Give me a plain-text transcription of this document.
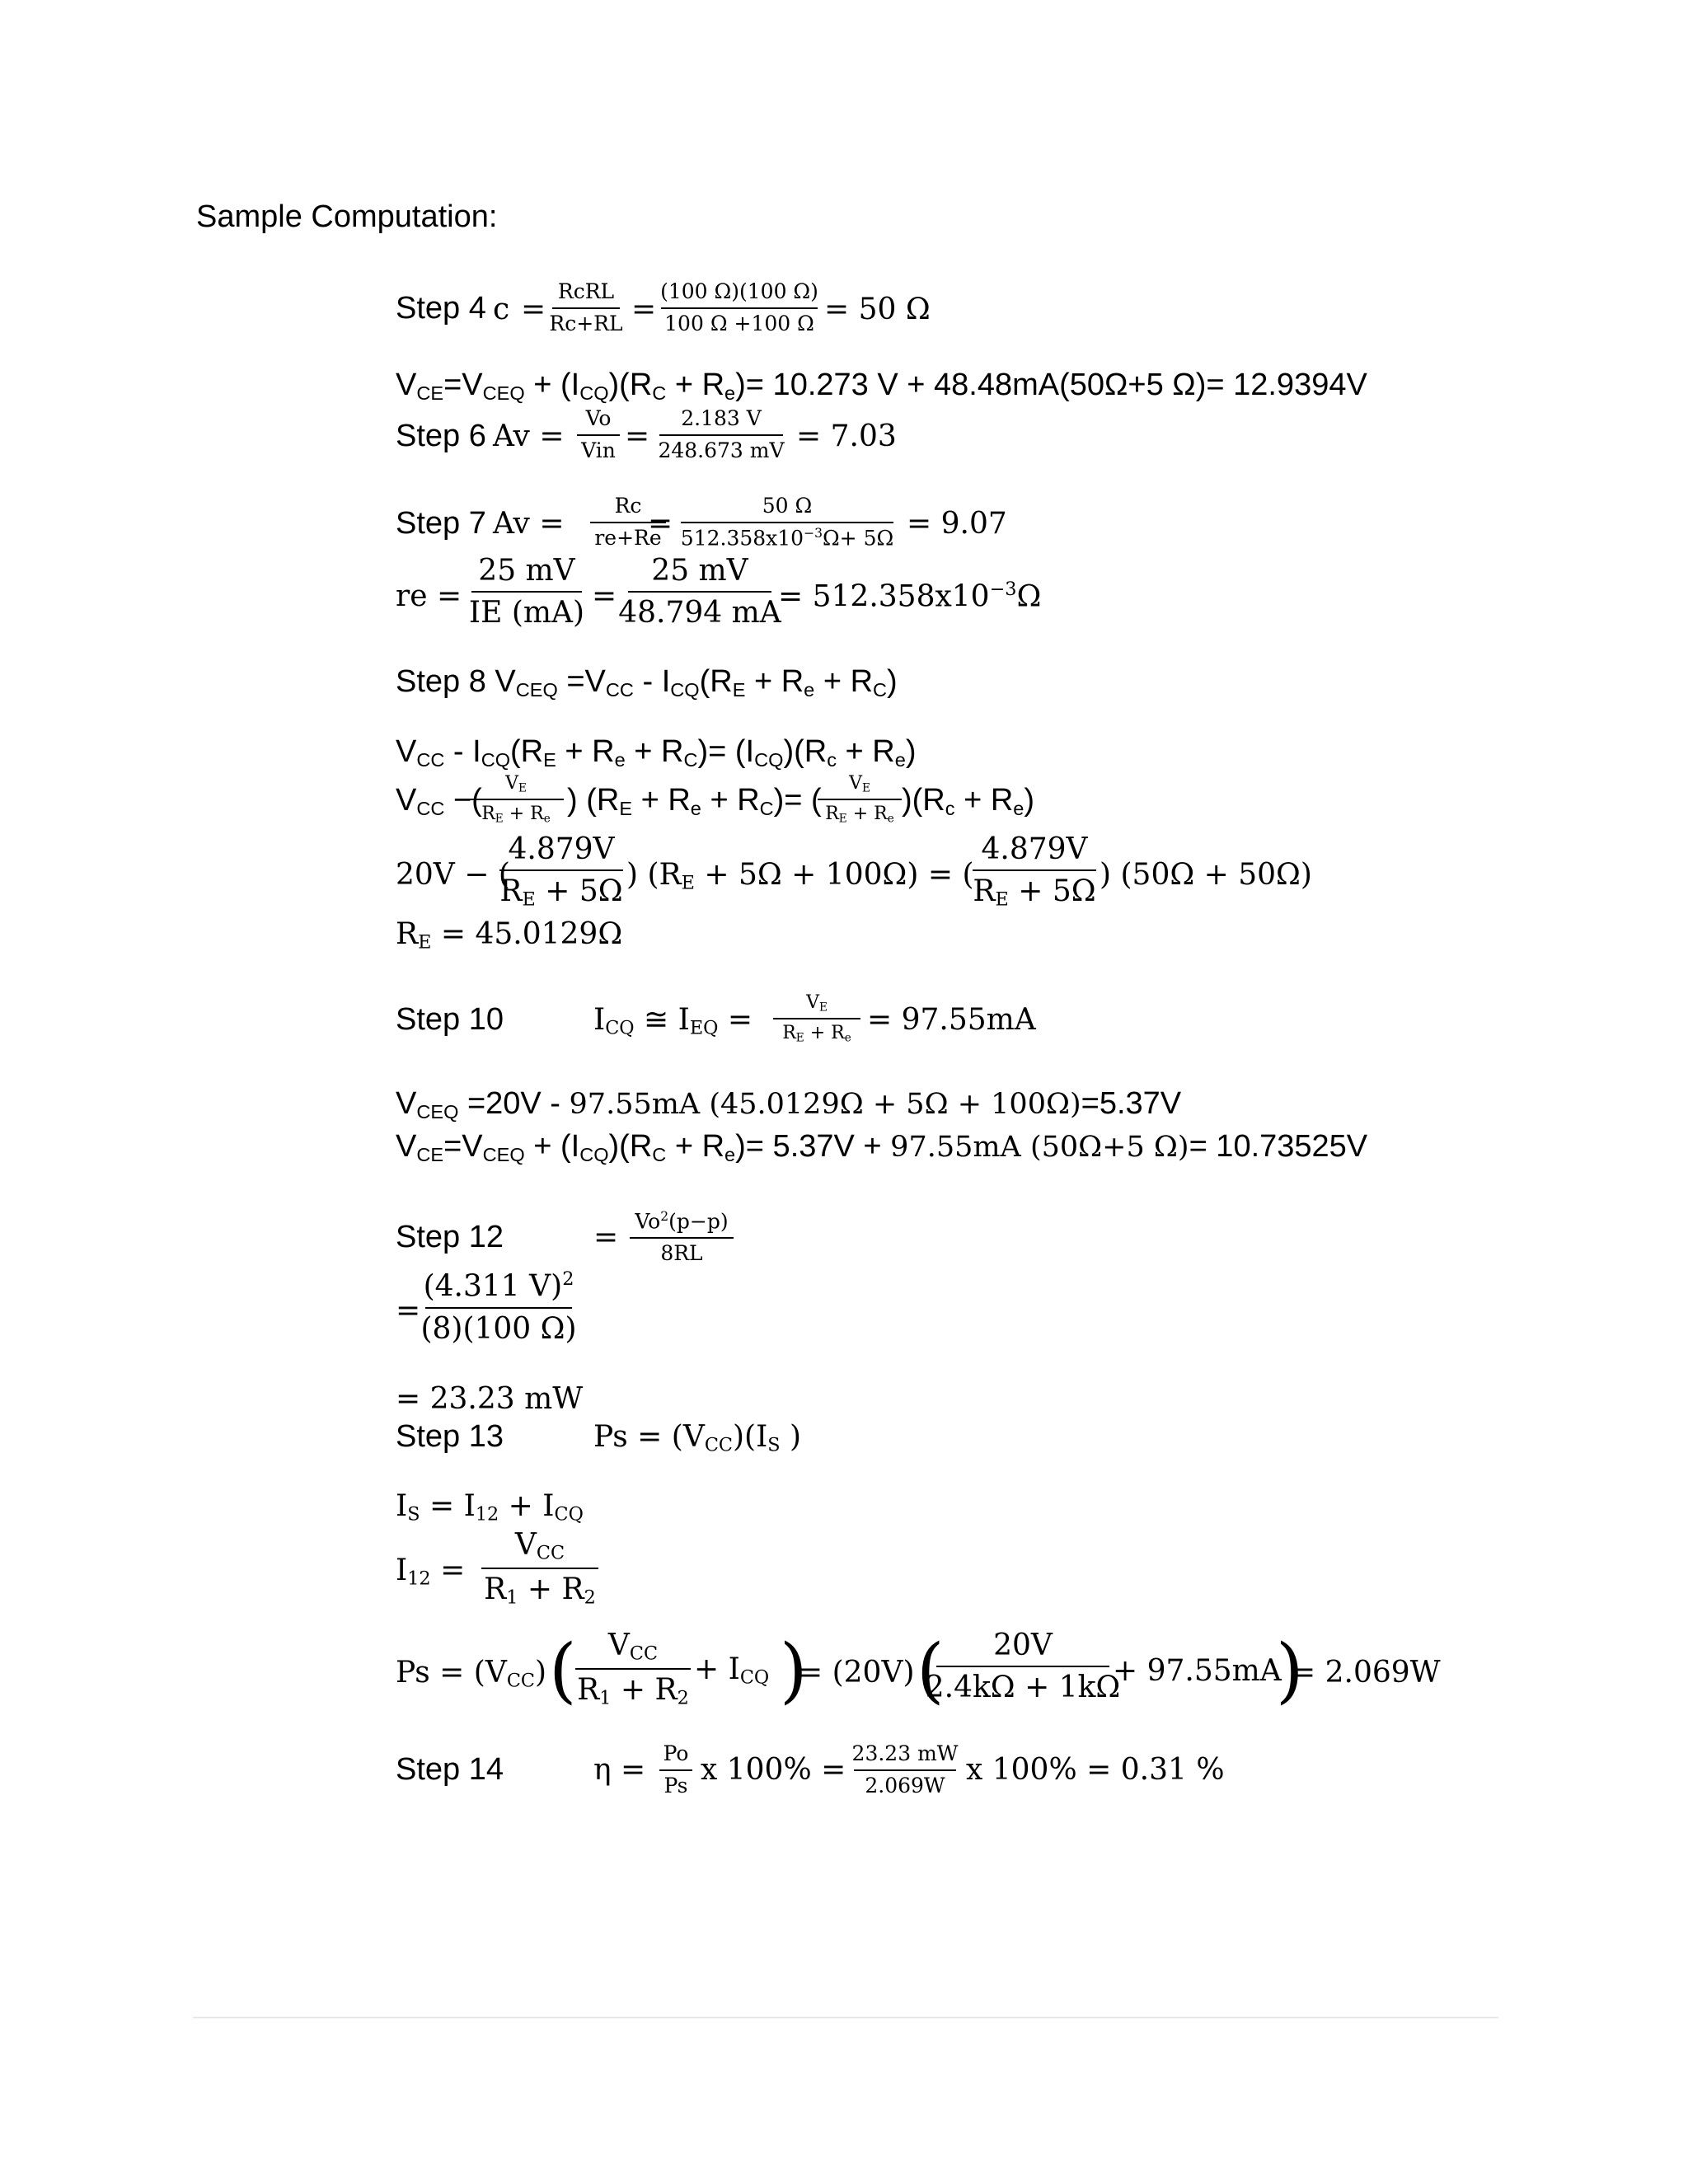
Sample Computation:
Step 4 c =
RcRL
Rc+RL =
(100 Ω)(100 Ω)
100 Ω +100 Ω = 50 Ω
$V_{CE}=V_{CEQ} + (I_{CQ})(R_C + R_e)= 10.273$ V + 48.48mA(50Ω+5 Ω)= 12.9394V
Step 6 Av =
Vo
Vin =
2.183 V
248.673 mV = 7.03
Step 7 Av =
Rc
re+Re
=
50 Ω
$512.358x10^{-3}\Omega+ 5\Omega = 9.07$
re =
25 mV
IE (mA) =
25 mV
48.794 mA
= $512.358x10^{-3}\Omega$
Step 8 $V_{CEQ} =V_{CC} - I_{CQ}(R_E + R_e + R_C)$
$V_{CC} - I_{CQ}(R_E + R_e + R_C)= (I_{CQ})(R_c + R_e)$
$V_{CC}$ −( $V_E$
$R_E + R_e$
) $(R_E + R_e + R_C)=$ ( $V_E$
$R_E + R_e$
)$(R_c + R_e)$
20V − (
4.879V
$R_E + 5\Omega$ ) $(R_E + 5\Omega + 100\Omega)$ = (
4.879V
$R_E + 5\Omega$ ) (50Ω + 50Ω)
$R_E = 45.0129\Omega$
Step 10	$I_{CQ}$ ≅ $I_{EQ}$ =
$V_E$
$R_E + R_e$
= 97.55mA
$V_{CEQ} =20V - 97.55mA$ (45.0129Ω + 5Ω + 100Ω)=5.37V
$V_{CE}=V_{CEQ} + (I_{CQ})(R_C + R_e)= 5.37V + 97.55mA$ (50Ω+5 Ω)= 10.73525V
Step 12	= $Vo^2(p-p)$
8RL
=
(4.311 V)$^2$
(8)(100 Ω)
= 23.23 mW
Step 13	$Ps = (V_{CC})(I_S$ )
$I_S = I_{12} + I_{CQ}$
$I_{12}$ =
$V_{CC}$
$R_1 + R_2$
$Ps = (V_{CC})$ ( $V_{CC}$
$R_1 + R_2$
+ $I_{CQ}$ )
= (20V) ( 20V
2.4kΩ + 1kΩ
+ 97.55mA
)
= 2.069W
Step 14	η = Po
Ps x 100% = 23.23 mW
2.069W x 100% = 0.31 %
